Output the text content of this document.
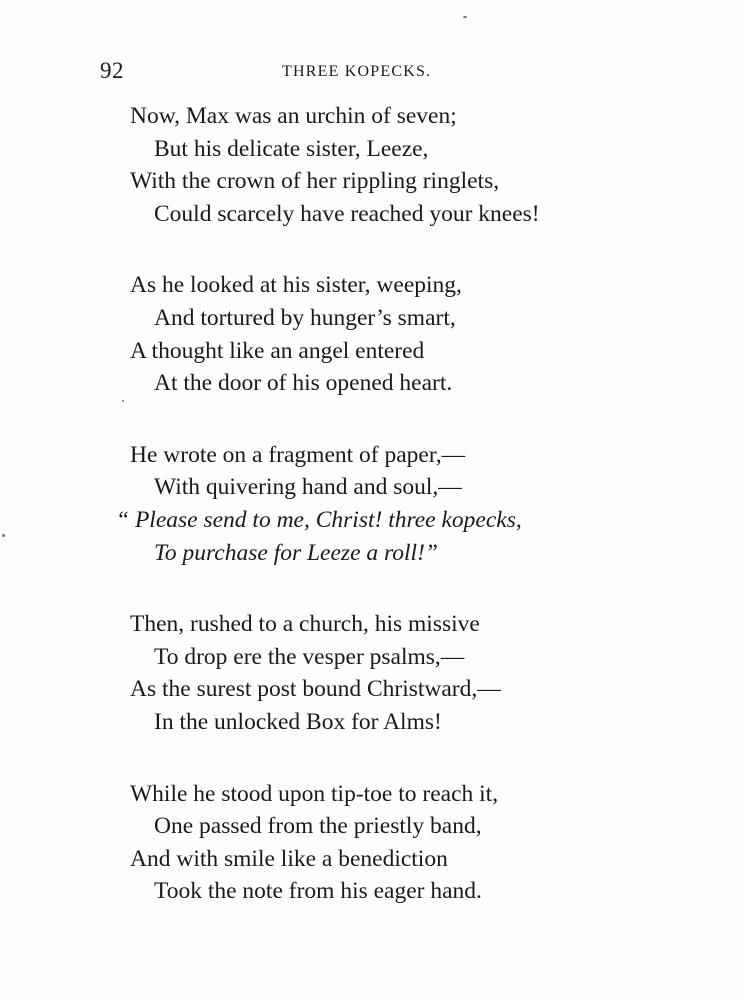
92	THREE KOPECKS.
Now, Max was an urchin of seven;
But his delicate sister, Leeze,
With the crown of her rippling ringlets,
Could scarcely have reached your knees!
As he looked at his sister, weeping,
And tortured by hunger’s smart,
A thought like an angel entered
At the door of his opened heart.
He wrote on a fragment of paper,—
With quivering hand and soul,—
“ Please send to me, Christ! three kopecks,
To purchase for Leeze a roll!”
Then, rushed to a church, his missive
To drop ere the vesper psalms,—
As the surest post bound Christward,—
In the unlocked Box for Alms!
While he stood upon tip-toe to reach it,
One passed from the priestly band,
And with smile like a benediction
Took the note from his eager hand.
